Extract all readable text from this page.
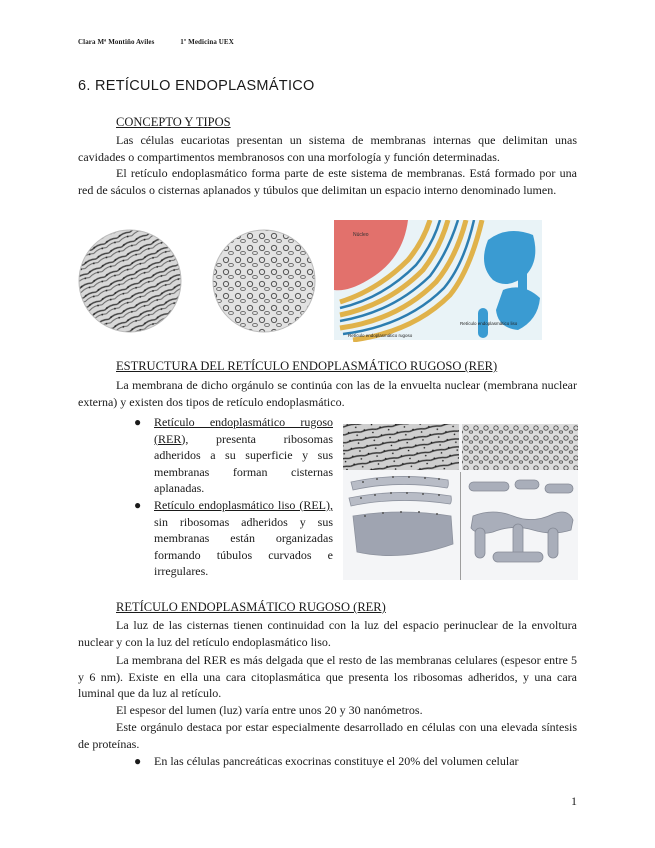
Clara Mª Montiño Aviles	1º Medicina UEX
6. RETÍCULO ENDOPLASMÁTICO
CONCEPTO Y TIPOS

Las células eucariotas presentan un sistema de membranas internas que delimitan unas cavidades o compartimentos membranosos con una morfología y función determinadas.

El retículo endoplasmático forma parte de este sistema de membranas. Está formado por una red de sáculos o cisternas aplanados y túbulos que delimitan un espacio interno denominado lumen.

Núcleo
Retículo endoplasmático rugoso
Retículo endoplasmático liso
ESTRUCTURA DEL RETÍCULO ENDOPLASMÁTICO RUGOSO (RER)

La membrana de dicho orgánulo se continúa con las de la envuelta nuclear (membrana nuclear externa) y existen dos tipos de retículo endoplasmático.

● Retículo endoplasmático rugoso (RER), presenta ribosomas adheridos a su superficie y sus membranas forman cisternas aplanadas.
● Retículo endoplasmático liso (REL), sin ribosomas adheridos y sus membranas están organizadas formando túbulos curvados e irregulares.
RETÍCULO ENDOPLASMÁTICO RUGOSO (RER)

La luz de las cisternas tienen continuidad con la luz del espacio perinuclear de la envoltura nuclear y con la luz del retículo endoplasmático liso.

La membrana del RER es más delgada que el resto de las membranas celulares (espesor entre 5 y 6 nm). Existe en ella una cara citoplasmática que presenta los ribosomas adheridos, y una cara luminal que da luz al retículo.

El espesor del lumen (luz) varía entre unos 20 y 30 nanómetros.

Este orgánulo destaca por estar especialmente desarrollado en células con una elevada síntesis de proteínas.

● En las células pancreáticas exocrinas constituye el 20% del volumen celular
1
